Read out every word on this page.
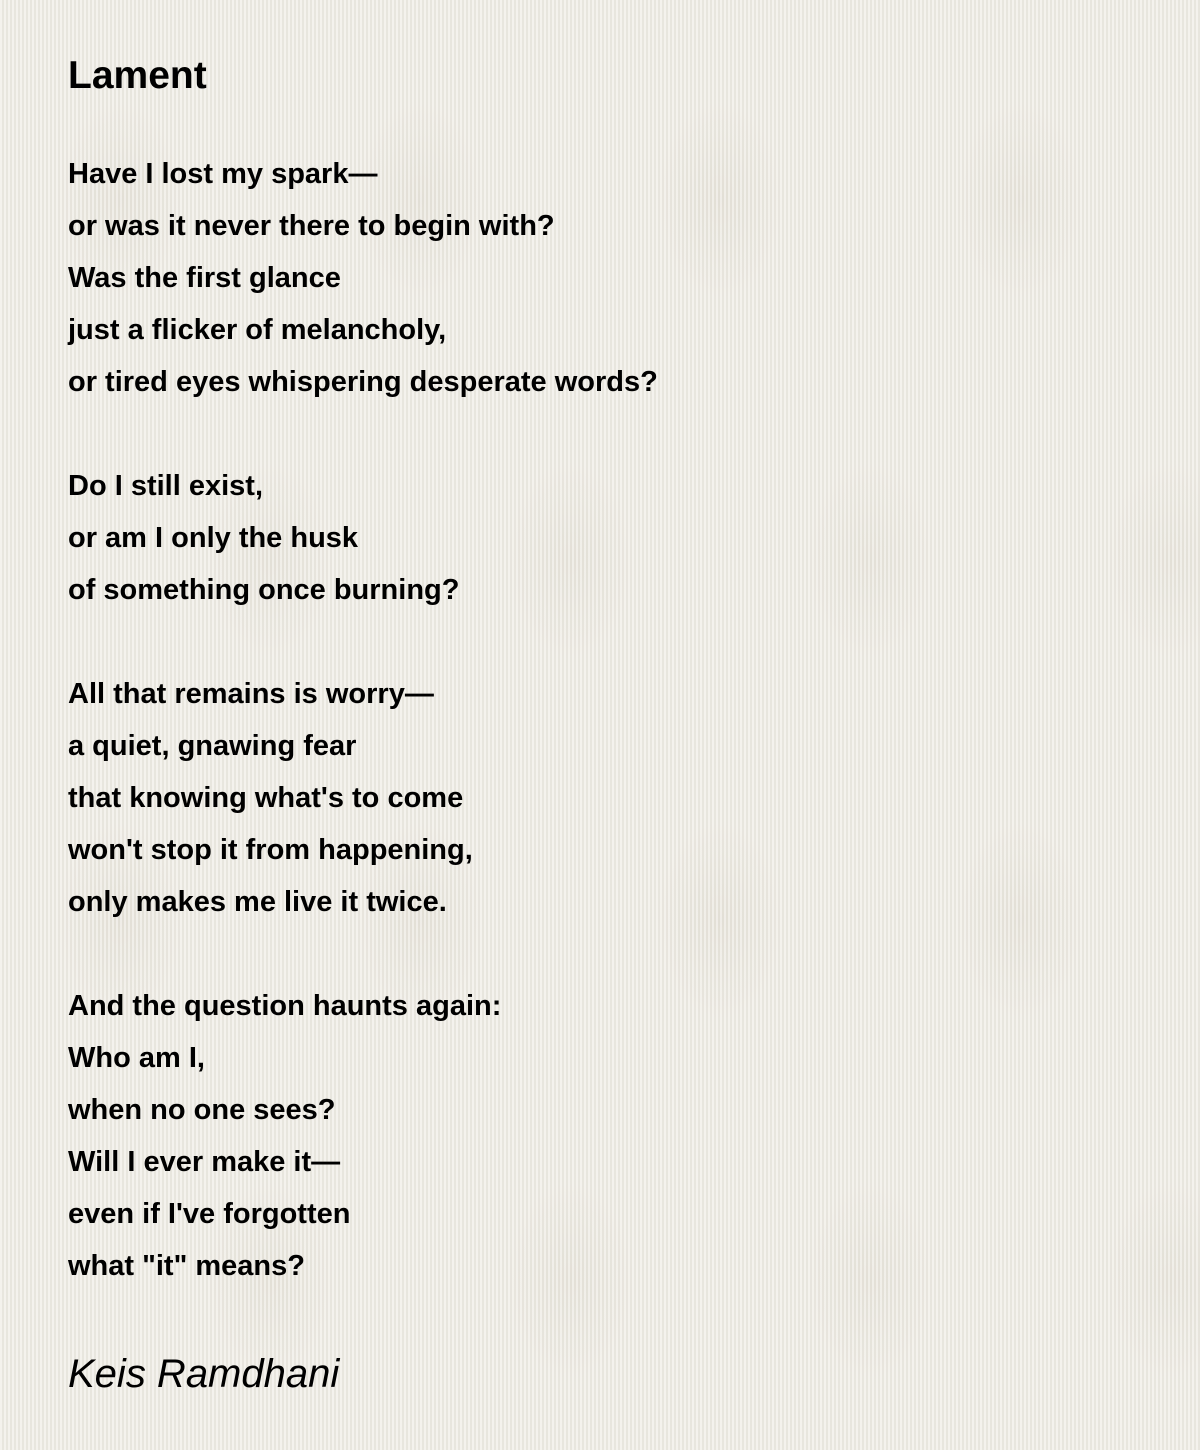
Lament
Have I lost my spark—
or was it never there to begin with?
Was the first glance
just a flicker of melancholy,
or tired eyes whispering desperate words?
Do I still exist,
or am I only the husk
of something once burning?
All that remains is worry—
a quiet, gnawing fear
that knowing what's to come
won't stop it from happening,
only makes me live it twice.
And the question haunts again:
Who am I,
when no one sees?
Will I ever make it—
even if I've forgotten
what "it" means?

Keis Ramdhani
